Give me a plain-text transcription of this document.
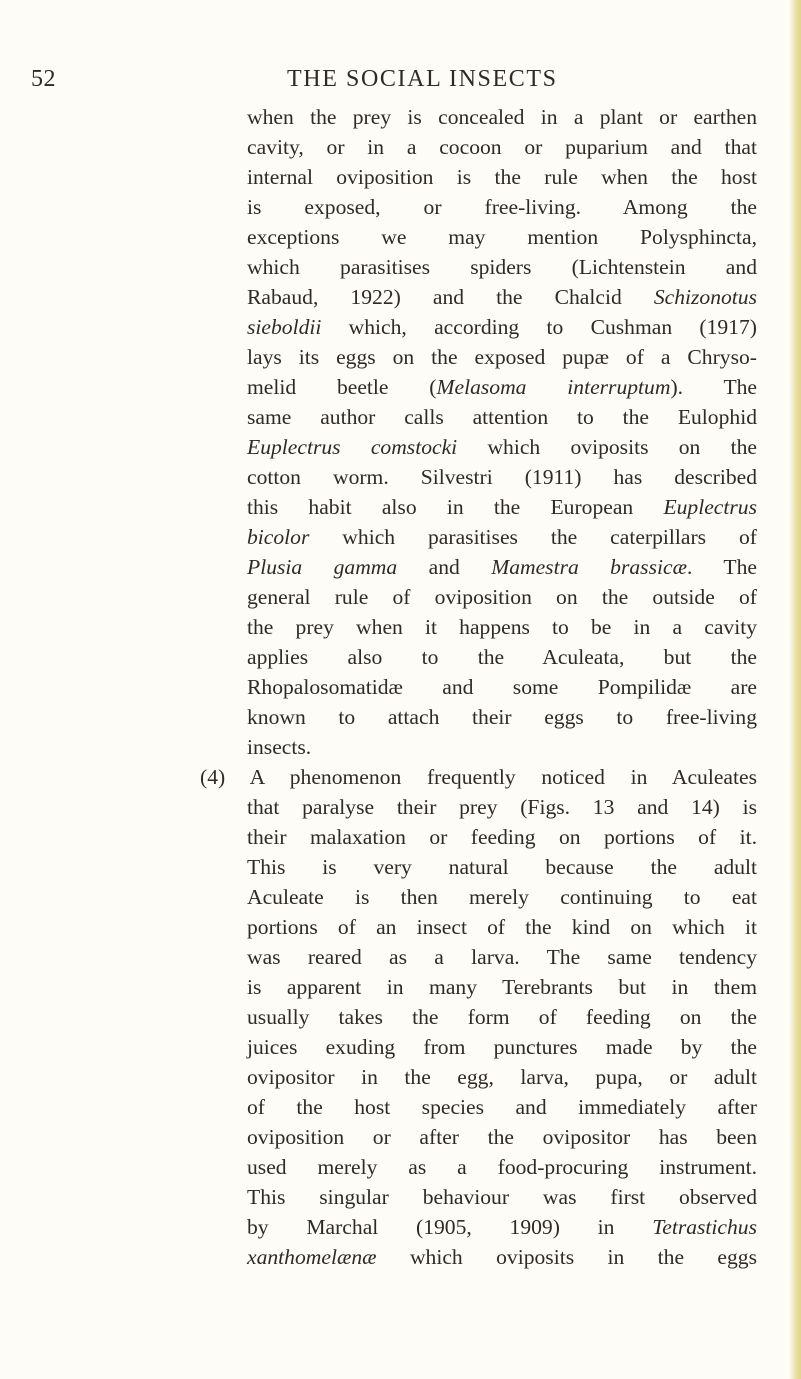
52	THE SOCIAL INSECTS
when the prey is concealed in a plant or earthen
cavity, or in a cocoon or puparium and that
internal oviposition is the rule when the host
is exposed, or free-living. Among the
exceptions we may mention Polysphincta,
which parasitises spiders (Lichtenstein and
Rabaud, 1922) and the Chalcid Schizonotus
sieboldii which, according to Cushman (1917)
lays its eggs on the exposed pupæ of a Chryso-
melid beetle (Melasoma interruptum). The
same author calls attention to the Eulophid
Euplectrus comstocki which oviposits on the
cotton worm. Silvestri (1911) has described
this habit also in the European Euplectrus
bicolor which parasitises the caterpillars of
Plusia gamma and Mamestra brassicæ. The
general rule of oviposition on the outside of
the prey when it happens to be in a cavity
applies also to the Aculeata, but the
Rhopalosomatidæ and some Pompilidæ are
known to attach their eggs to free-living
insects.
(4) A phenomenon frequently noticed in Aculeates
that paralyse their prey (Figs. 13 and 14) is
their malaxation or feeding on portions of it.
This is very natural because the adult
Aculeate is then merely continuing to eat
portions of an insect of the kind on which it
was reared as a larva. The same tendency
is apparent in many Terebrants but in them
usually takes the form of feeding on the
juices exuding from punctures made by the
ovipositor in the egg, larva, pupa, or adult
of the host species and immediately after
oviposition or after the ovipositor has been
used merely as a food-procuring instrument.
This singular behaviour was first observed
by Marchal (1905, 1909) in Tetrastichus
xanthomelænæ which oviposits in the eggs
